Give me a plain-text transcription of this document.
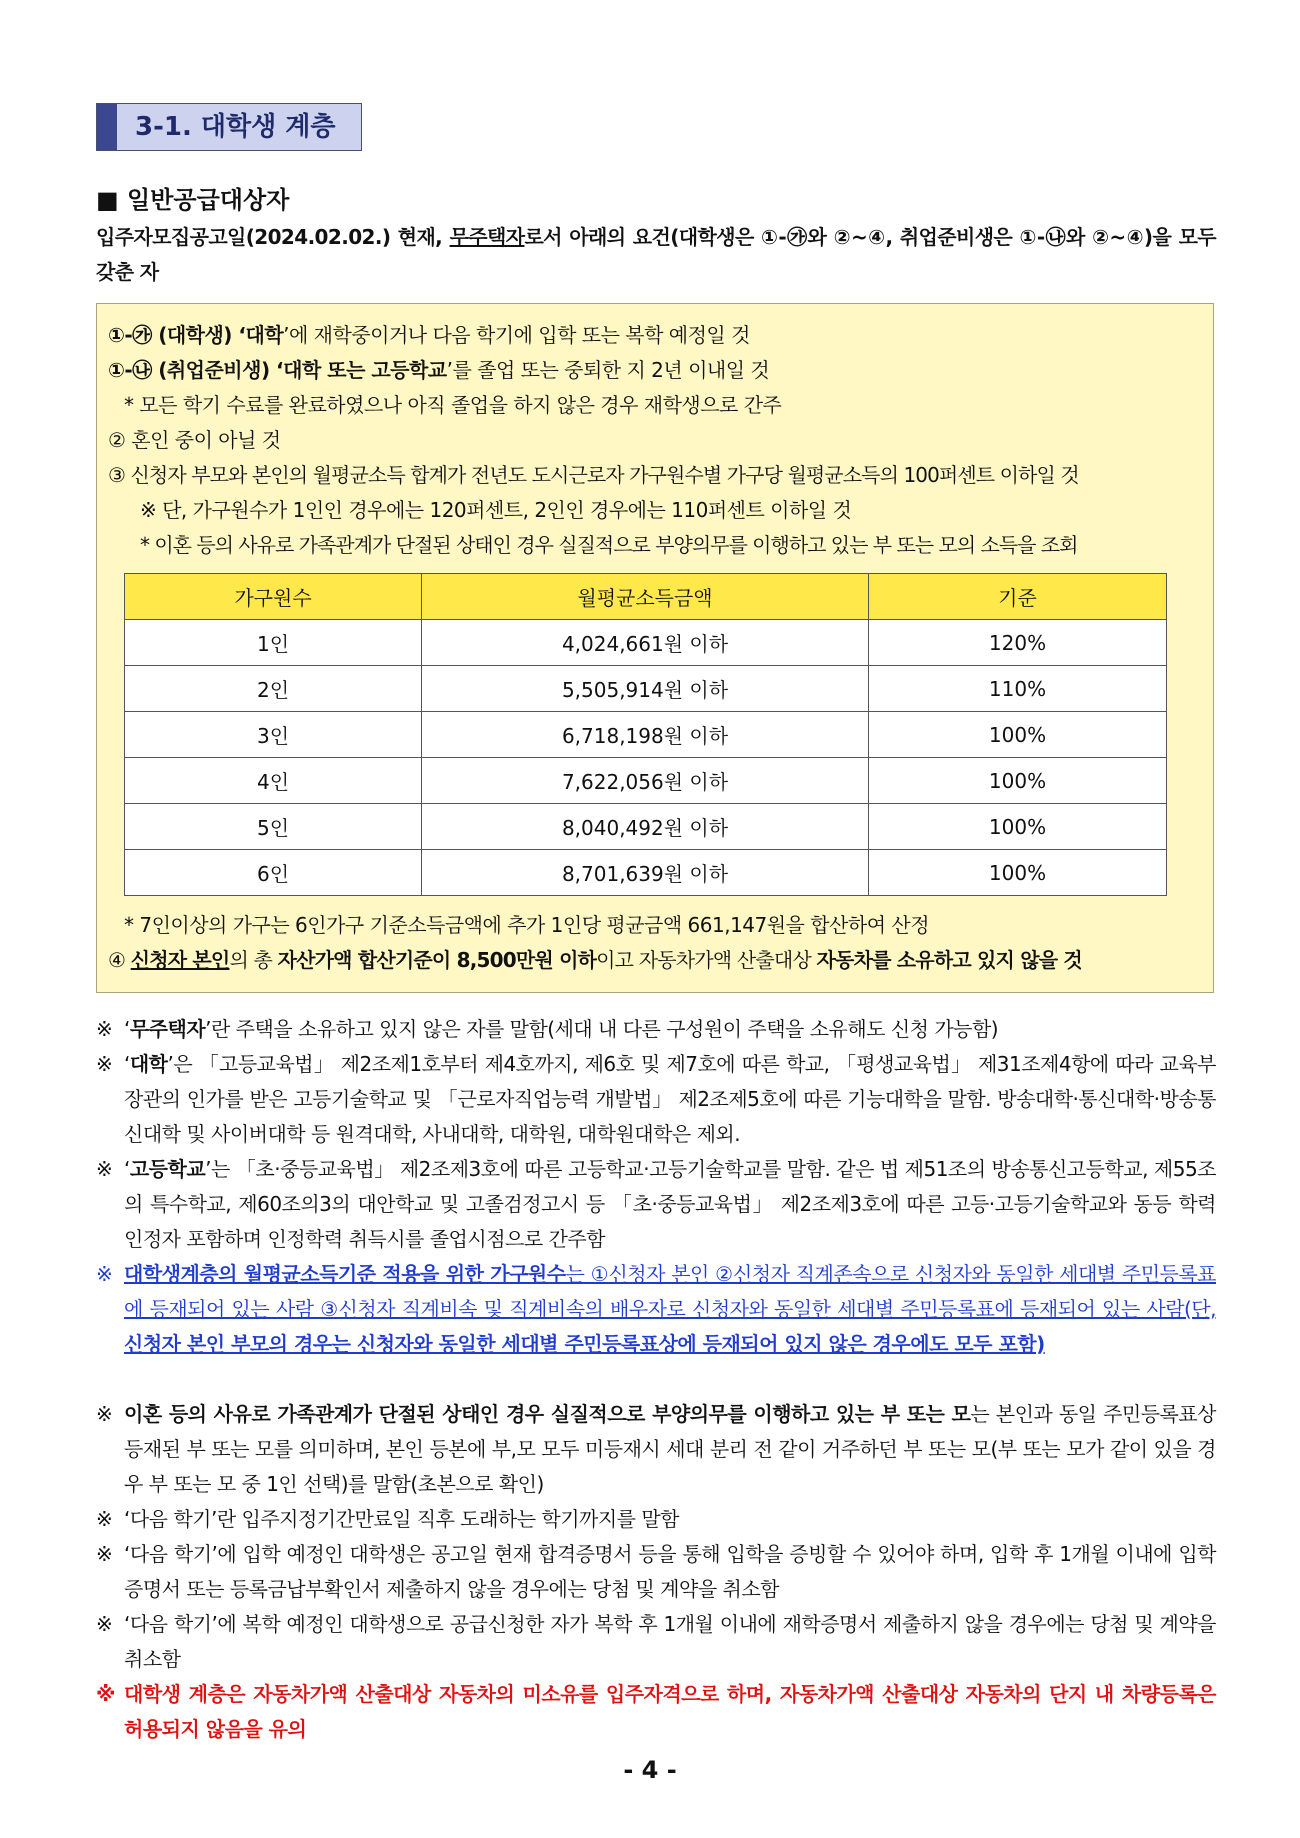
3-1. 대학생 계층
■ 일반공급대상자
입주자모집공고일(2024.02.02.) 현재, 무주택자로서 아래의 요건(대학생은 ①-㉮와 ②~④, 취업준비생은 ①-㉯와 ②~④)을 모두 갖춘 자
①-㉮ (대학생) ‘대학’에 재학중이거나 다음 학기에 입학 또는 복학 예정일 것
①-㉯ (취업준비생) ‘대학 또는 고등학교’를 졸업 또는 중퇴한 지 2년 이내일 것
* 모든 학기 수료를 완료하였으나 아직 졸업을 하지 않은 경우 재학생으로 간주
② 혼인 중이 아닐 것
③ 신청자 부모와 본인의 월평균소득 합계가 전년도 도시근로자 가구원수별 가구당 월평균소득의 100퍼센트 이하일 것
※ 단, 가구원수가 1인인 경우에는 120퍼센트, 2인인 경우에는 110퍼센트 이하일 것
* 이혼 등의 사유로 가족관계가 단절된 상태인 경우 실질적으로 부양의무를 이행하고 있는 부 또는 모의 소득을 조회
가구원수	월평균소득금액	기준
1인	4,024,661원 이하	120%
2인	5,505,914원 이하	110%
3인	6,718,198원 이하	100%
4인	7,622,056원 이하	100%
5인	8,040,492원 이하	100%
6인	8,701,639원 이하	100%
* 7인이상의 가구는 6인가구 기준소득금액에 추가 1인당 평균금액 661,147원을 합산하여 산정
④ 신청자 본인의 총 자산가액 합산기준이 8,500만원 이하이고 자동차가액 산출대상 자동차를 소유하고 있지 않을 것
※ ‘무주택자’란 주택을 소유하고 있지 않은 자를 말함(세대 내 다른 구성원이 주택을 소유해도 신청 가능함)
※ ‘대학’은 「고등교육법」 제2조제1호부터 제4호까지, 제6호 및 제7호에 따른 학교, 「평생교육법」 제31조제4항에 따라 교육부장관의 인가를 받은 고등기술학교 및 「근로자직업능력 개발법」 제2조제5호에 따른 기능대학을 말함. 방송대학·통신대학·방송통신대학 및 사이버대학 등 원격대학, 사내대학, 대학원, 대학원대학은 제외.
※ ‘고등학교’는 「초·중등교육법」 제2조제3호에 따른 고등학교·고등기술학교를 말함. 같은 법 제51조의 방송통신고등학교, 제55조의 특수학교, 제60조의3의 대안학교 및 고졸검정고시 등 「초·중등교육법」 제2조제3호에 따른 고등·고등기술학교와 동등 학력 인정자 포함하며 인정학력 취득시를 졸업시점으로 간주함
※ 대학생계층의 월평균소득기준 적용을 위한 가구원수는 ①신청자 본인 ②신청자 직계존속으로 신청자와 동일한 세대별 주민등록표에 등재되어 있는 사람 ③신청자 직계비속 및 직계비속의 배우자로 신청자와 동일한 세대별 주민등록표에 등재되어 있는 사람(단, 신청자 본인 부모의 경우는 신청자와 동일한 세대별 주민등록표상에 등재되어 있지 않은 경우에도 모두 포함)
※ 이혼 등의 사유로 가족관계가 단절된 상태인 경우 실질적으로 부양의무를 이행하고 있는 부 또는 모는 본인과 동일 주민등록표상 등재된 부 또는 모를 의미하며, 본인 등본에 부,모 모두 미등재시 세대 분리 전 같이 거주하던 부 또는 모(부 또는 모가 같이 있을 경우 부 또는 모 중 1인 선택)를 말함(초본으로 확인)
※ ‘다음 학기’란 입주지정기간만료일 직후 도래하는 학기까지를 말함
※ ‘다음 학기’에 입학 예정인 대학생은 공고일 현재 합격증명서 등을 통해 입학을 증빙할 수 있어야 하며, 입학 후 1개월 이내에 입학증명서 또는 등록금납부확인서 제출하지 않을 경우에는 당첨 및 계약을 취소함
※ ‘다음 학기’에 복학 예정인 대학생으로 공급신청한 자가 복학 후 1개월 이내에 재학증명서 제출하지 않을 경우에는 당첨 및 계약을 취소함
※ 대학생 계층은 자동차가액 산출대상 자동차의 미소유를 입주자격으로 하며, 자동차가액 산출대상 자동차의 단지 내 차량등록은 허용되지 않음을 유의
- 4 -
